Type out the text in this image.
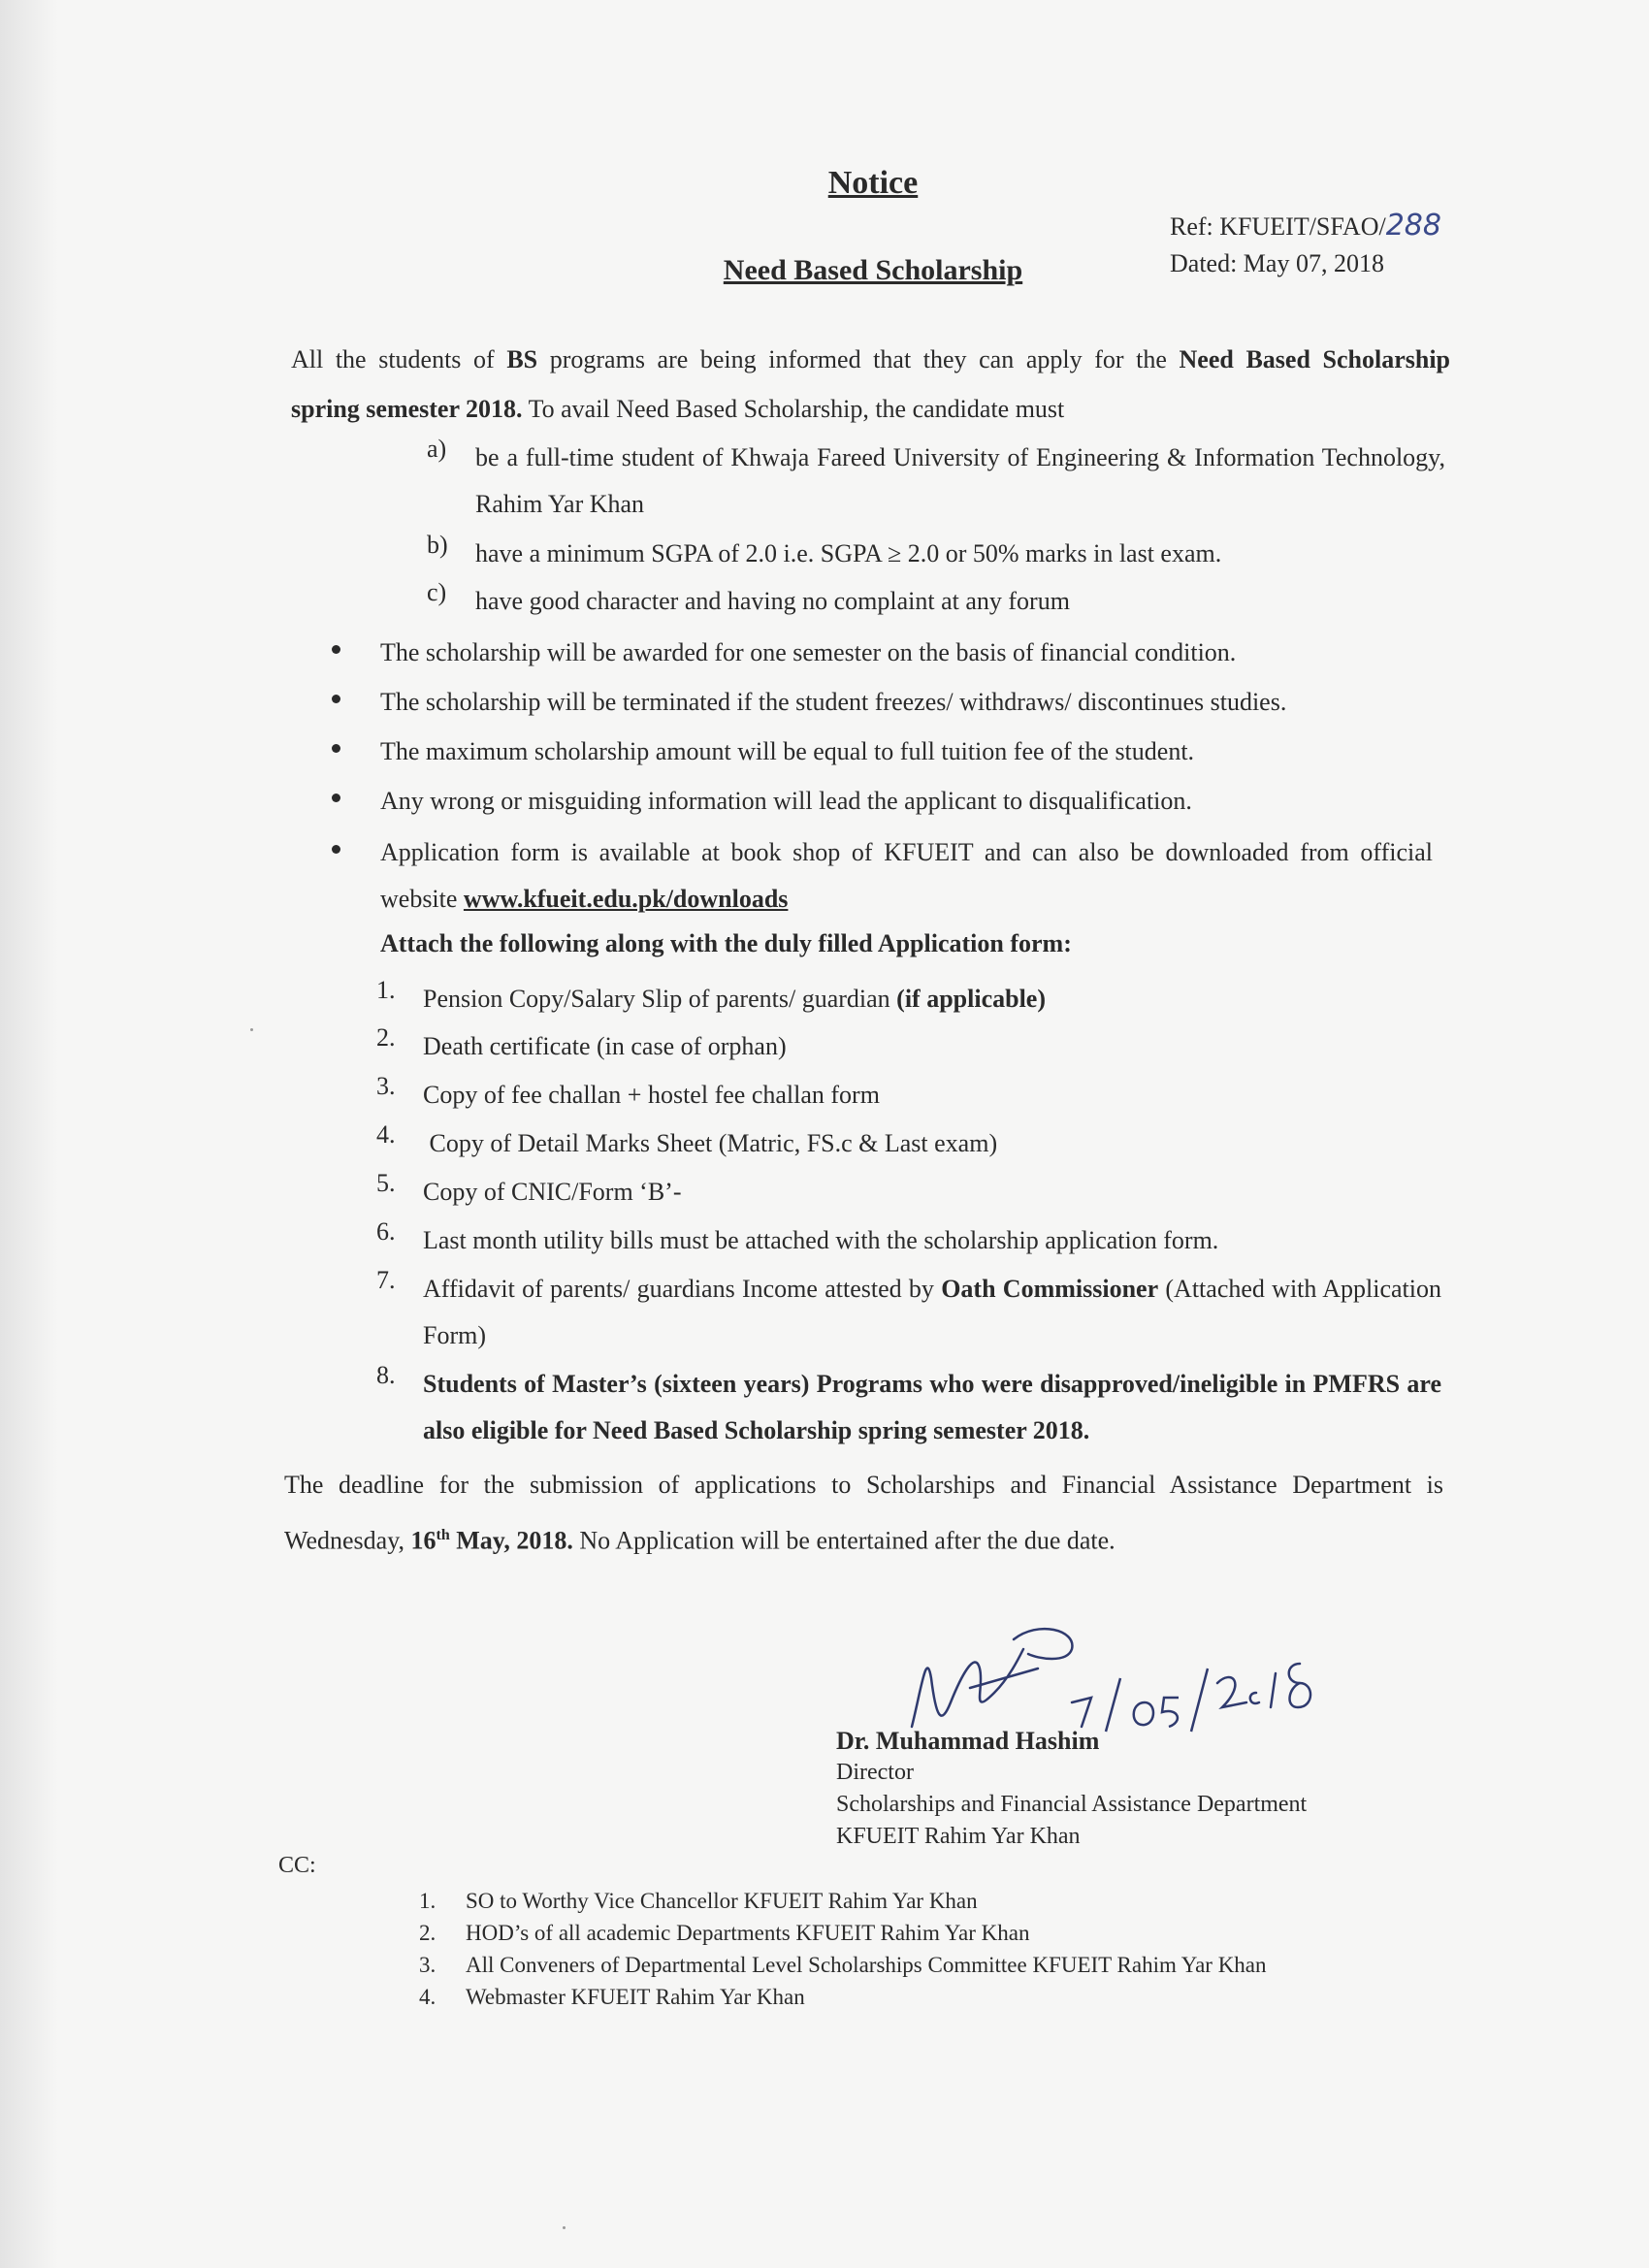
Notice
Need Based Scholarship
Ref: KFUEIT/SFAO/288
Dated: May 07, 2018
All the students of BS programs are being informed that they can apply for the Need Based Scholarship
spring semester 2018. To avail Need Based Scholarship, the candidate must
a) be a full-time student of Khwaja Fareed University of Engineering & Information Technology, Rahim Yar Khan
b) have a minimum SGPA of 2.0 i.e. SGPA ≥ 2.0 or 50% marks in last exam.
c) have good character and having no complaint at any forum
The scholarship will be awarded for one semester on the basis of financial condition.
The scholarship will be terminated if the student freezes/ withdraws/ discontinues studies.
The maximum scholarship amount will be equal to full tuition fee of the student.
Any wrong or misguiding information will lead the applicant to disqualification.
Application form is available at book shop of KFUEIT and can also be downloaded from official website www.kfueit.edu.pk/downloads
Attach the following along with the duly filled Application form:
1. Pension Copy/Salary Slip of parents/ guardian (if applicable)
2. Death certificate (in case of orphan)
3. Copy of fee challan + hostel fee challan form
4. Copy of Detail Marks Sheet (Matric, FS.c & Last exam)
5. Copy of CNIC/Form ‘B’-
6. Last month utility bills must be attached with the scholarship application form.
7. Affidavit of parents/ guardians Income attested by Oath Commissioner (Attached with Application Form)
8. Students of Master’s (sixteen years) Programs who were disapproved/ineligible in PMFRS are also eligible for Need Based Scholarship spring semester 2018.
The deadline for the submission of applications to Scholarships and Financial Assistance Department is Wednesday, 16th May, 2018. No Application will be entertained after the due date.
Dr. Muhammad Hashim
Director
Scholarships and Financial Assistance Department
KFUEIT Rahim Yar Khan
CC:
1. SO to Worthy Vice Chancellor KFUEIT Rahim Yar Khan
2. HOD’s of all academic Departments KFUEIT Rahim Yar Khan
3. All Conveners of Departmental Level Scholarships Committee KFUEIT Rahim Yar Khan
4. Webmaster KFUEIT Rahim Yar Khan
